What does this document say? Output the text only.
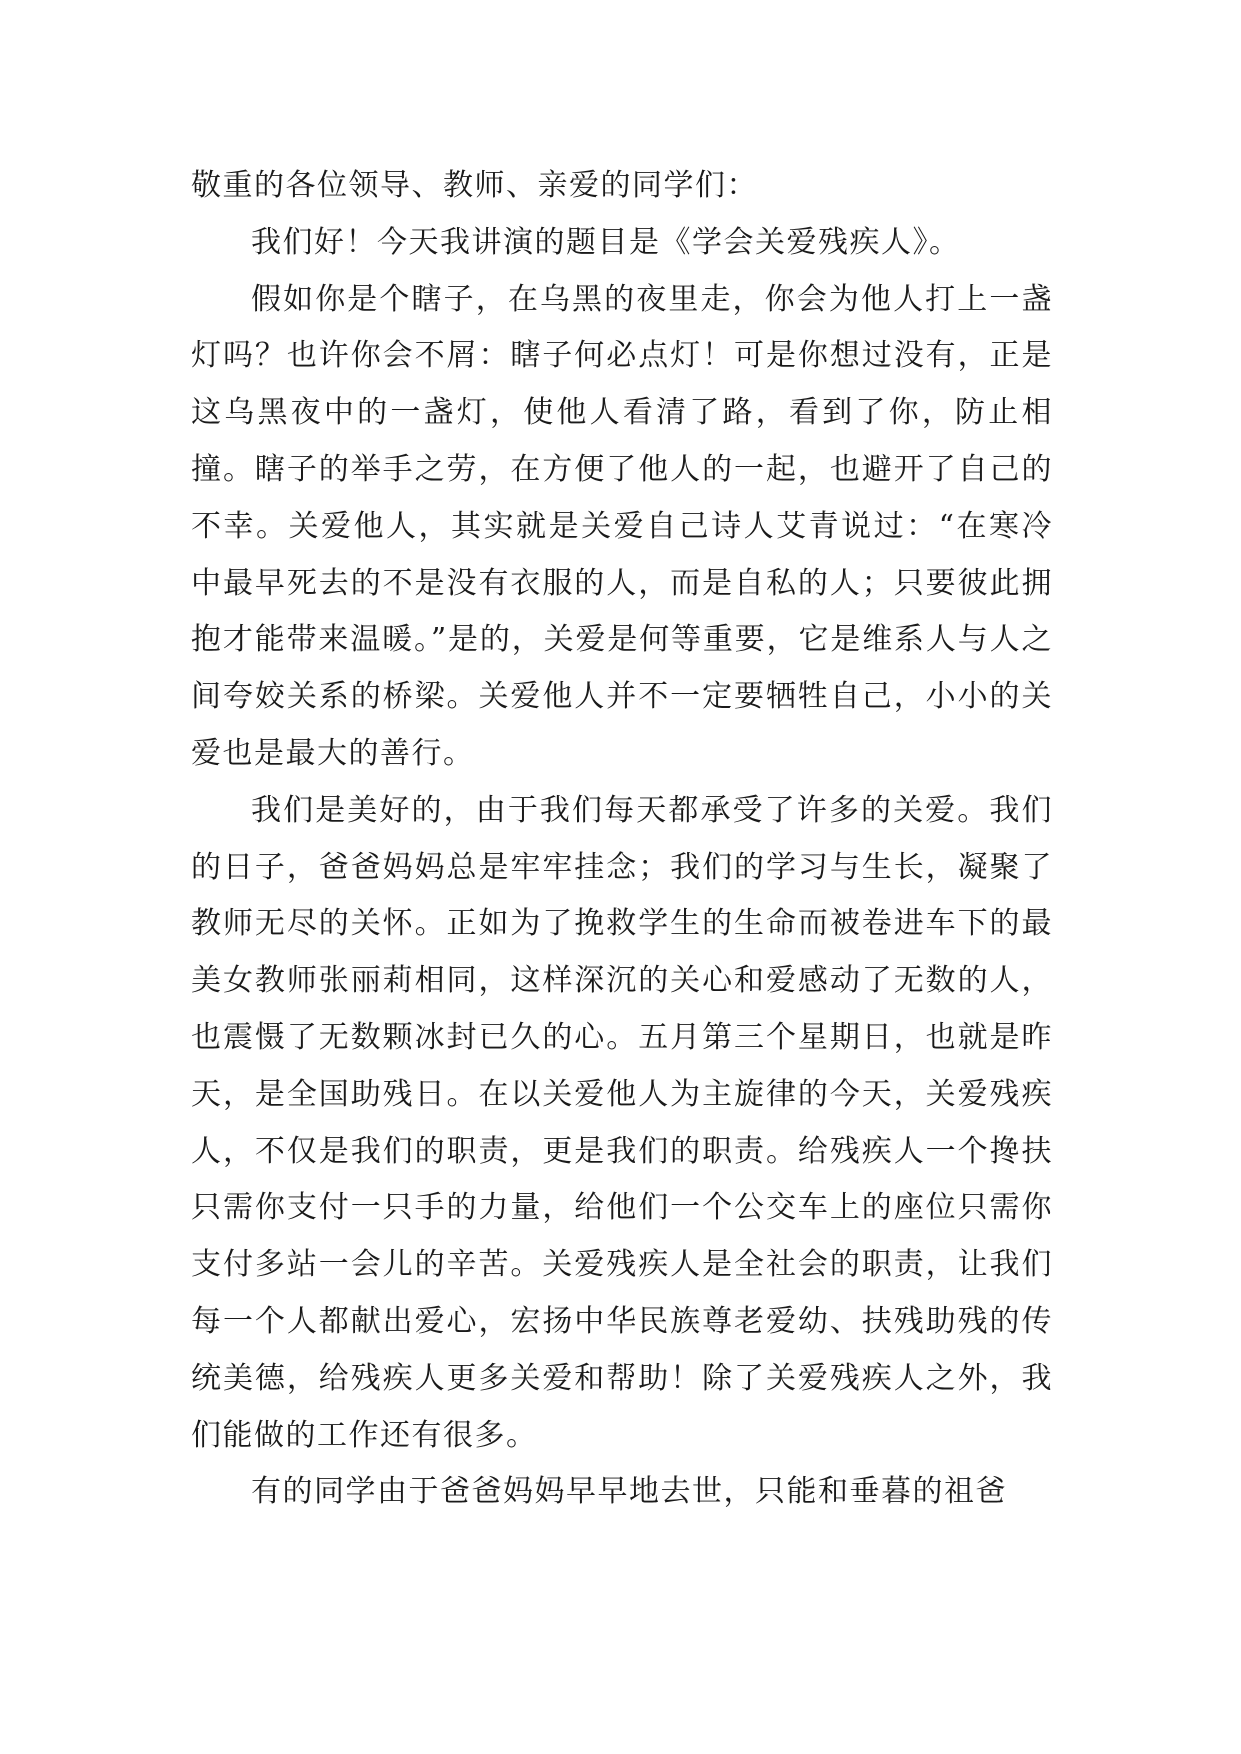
敬重的各位领导、教师、亲爱的同学们：

我们好！今天我讲演的题目是《学会关爱残疾人》。

假如你是个瞎子，在乌黑的夜里走，你会为他人打上一盏灯吗？也许你会不屑：瞎子何必点灯！可是你想过没有，正是这乌黑夜中的一盏灯，使他人看清了路，看到了你，防止相撞。瞎子的举手之劳，在方便了他人的一起，也避开了自己的不幸。关爱他人，其实就是关爱自己诗人艾青说过：“在寒冷中最早死去的不是没有衣服的人，而是自私的人；只要彼此拥抱才能带来温暖。”是的，关爱是何等重要，它是维系人与人之间夸姣关系的桥梁。关爱他人并不一定要牺牲自己，小小的关爱也是最大的善行。

我们是美好的，由于我们每天都承受了许多的关爱。我们的日子，爸爸妈妈总是牢牢挂念；我们的学习与生长，凝聚了教师无尽的关怀。正如为了挽救学生的生命而被卷进车下的最美女教师张丽莉相同，这样深沉的关心和爱感动了无数的人，也震慑了无数颗冰封已久的心。五月第三个星期日，也就是昨天，是全国助残日。在以关爱他人为主旋律的今天，关爱残疾人，不仅是我们的职责，更是我们的职责。给残疾人一个搀扶只需你支付一只手的力量，给他们一个公交车上的座位只需你支付多站一会儿的辛苦。关爱残疾人是全社会的职责，让我们每一个人都献出爱心，宏扬中华民族尊老爱幼、扶残助残的传统美德，给残疾人更多关爱和帮助！除了关爱残疾人之外，我们能做的工作还有很多。

有的同学由于爸爸妈妈早早地去世，只能和垂暮的祖爸
